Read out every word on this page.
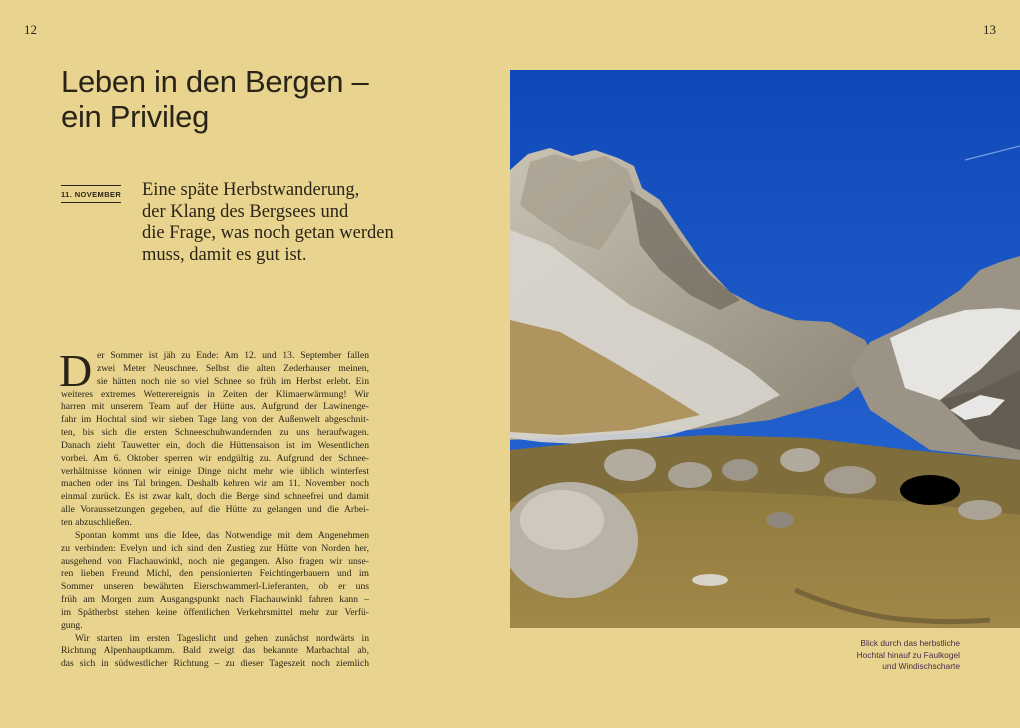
12	13
Leben in den Bergen –
ein Privileg
11. NOVEMBER Eine späte Herbstwanderung,
der Klang des Bergsees und
die Frage, was noch getan werden
muss, damit es gut ist.
D er Sommer ist jäh zu Ende: Am 12. und 13. September fallen
zwei Meter Neuschnee. Selbst die alten Zederhauser meinen,
sie hätten noch nie so viel Schnee so früh im Herbst erlebt. Ein
weiteres extremes Wetterereignis in Zeiten der Klimaerwärmung! Wir
harren mit unserem Team auf der Hütte aus. Aufgrund der Lawinenge-
fahr im Hochtal sind wir sieben Tage lang von der Außenwelt abgeschnit-
ten, bis sich die ersten Schneeschuhwandernden zu uns heraufwagen.
Danach zieht Tauwetter ein, doch die Hüttensaison ist im Wesentlichen
vorbei. Am 6. Oktober sperren wir endgültig zu. Aufgrund der Schnee-
verhältnisse können wir einige Dinge nicht mehr wie üblich winterfest
machen oder ins Tal bringen. Deshalb kehren wir am 11. November noch
einmal zurück. Es ist zwar kalt, doch die Berge sind schneefrei und damit
alle Voraussetzungen gegeben, auf die Hütte zu gelangen und die Arbei-
ten abzuschließen.
Spontan kommt uns die Idee, das Notwendige mit dem Angenehmen
zu verbinden: Evelyn und ich sind den Zustieg zur Hütte von Norden her,
ausgehend von Flachauwinkl, noch nie gegangen. Also fragen wir unse-
ren lieben Freund Michl, den pensionierten Feichtingerbauern und im
Sommer unseren bewährten Eierschwammerl-Lieferanten, ob er uns
früh am Morgen zum Ausgangspunkt nach Flachauwinkl fahren kann –
im Spätherbst stehen keine öffentlichen Verkehrsmittel mehr zur Verfü-
gung.
Wir starten im ersten Tageslicht und gehen zunächst nordwärts in
Richtung Alpenhauptkamm. Bald zweigt das bekannte Marbachtal ab,
das sich in südwestlicher Richtung – zu dieser Tageszeit noch ziemlich
Blick durch das herbstliche
Hochtal hinauf zu Faulkogel
und Windischscharte
